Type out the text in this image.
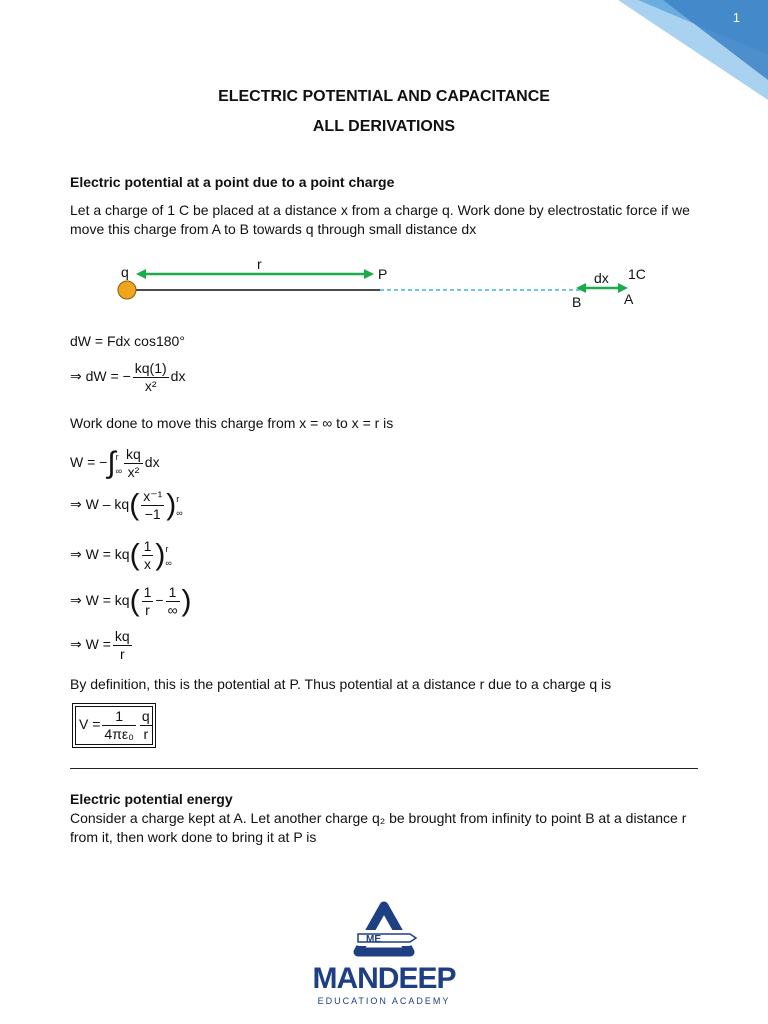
1
ELECTRIC POTENTIAL AND CAPACITANCE
ALL DERIVATIONS
Electric potential at a point due to a point charge
Let a charge of 1 C be placed at a distance x from a charge q. Work done by electrostatic force if we move this charge from A to B towards q through small distance dx
q	r
P	dx 1C
B	A
dW = Fdx cos180°
⇒ dW = − $\frac{kq(1)}{\text{x²}}$ dx
Work done to move this charge from x = ∞ to x = r is
W = −∫ r
∞ $\frac{kq}{\text{x²}}$ dx
⇒ W – $kq( \frac{\text{x⁻¹}}{-1}$ ) r
∞
⇒ $W = kq( \frac{1}{x}$ ) r
∞
⇒ $W = kq( \frac{1}{r} - \frac{1}{\infty}$ )
⇒ $W = \frac{kq}{r}$
By definition, this is the potential at P. Thus potential at a distance r due to a charge q is
$V = \frac{1}{\text{4πε₀}} \frac{q}{r}$
Electric potential energy
Consider a charge kept at A. Let another charge q₂ be brought from infinity to point B at a distance r from it, then work done to bring it at P is
ME
MANDEEP
EDUCATION ACADEMY
